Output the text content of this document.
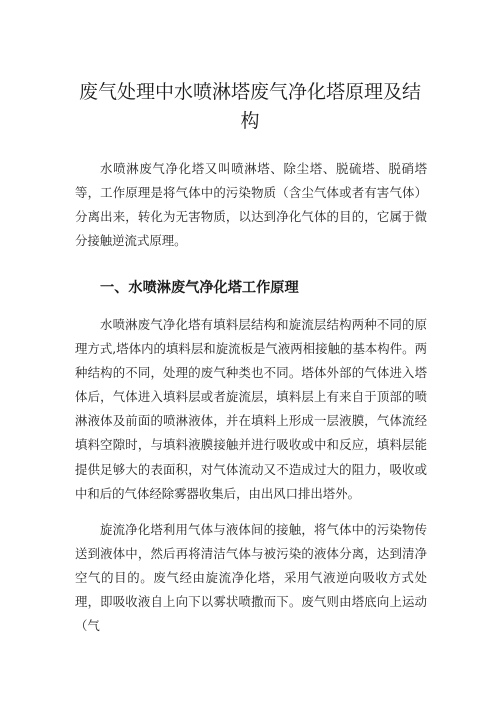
废气处理中水喷淋塔废气净化塔原理及结构

水喷淋废气净化塔又叫喷淋塔、除尘塔、脱硫塔、脱硝塔等，工作原理是将气体中的污染物质（含尘气体或者有害气体）分离出来，转化为无害物质，以达到净化气体的目的，它属于微分接触逆流式原理。

一、水喷淋废气净化塔工作原理

水喷淋废气净化塔有填料层结构和旋流层结构两种不同的原理方式,塔体内的填料层和旋流板是气液两相接触的基本构件。两种结构的不同，处理的废气种类也不同。塔体外部的气体进入塔体后，气体进入填料层或者旋流层，填料层上有来自于顶部的喷淋液体及前面的喷淋液体，并在填料上形成一层液膜，气体流经填料空隙时，与填料液膜接触并进行吸收或中和反应，填料层能提供足够大的表面积，对气体流动又不造成过大的阻力，吸收或中和后的气体经除雾器收集后，由出风口排出塔外。

旋流净化塔利用气体与液体间的接触，将气体中的污染物传送到液体中，然后再将清洁气体与被污染的液体分离，达到清净空气的目的。废气经由旋流净化塔，采用气液逆向吸收方式处理，即吸收液自上向下以雾状喷撒而下。废气则由塔底向上运动（气
